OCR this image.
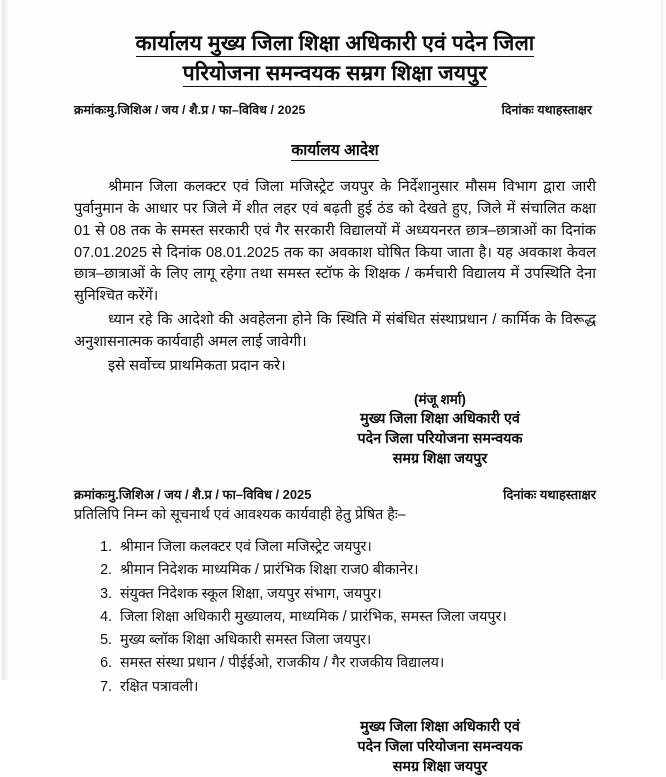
कार्यालय मुख्य जिला शिक्षा अधिकारी एवं पदेन जिला
परियोजना समन्वयक सम्रग शिक्षा जयपुर
क्रमांकःमु.जिशिअ / जय / शै.प्र / फा–विविध / 2025	दिनांकः यथाहस्ताक्षर
कार्यालय आदेश

श्रीमान जिला कलक्टर एवं जिला मजिस्ट्रेट जयपुर के निर्देशानुसार मौसम विभाग द्वारा जारी पुर्वानुमान के आधार पर जिले में शीत लहर एवं बढ़ती हुई ठंड को देखते हुए, जिले में संचालित कक्षा 01 से 08 तक के समस्त सरकारी एवं गैर सरकारी विद्यालयों में अध्ययनरत छात्र–छात्राओं का दिनांक 07.01.2025 से दिनांक 08.01.2025 तक का अवकाश घोषित किया जाता है। यह अवकाश केवल छात्र–छात्राओं के लिए लागू रहेगा तथा समस्त स्टॉफ के शिक्षक / कर्मचारी विद्यालय में उपस्थिति देना सुनिश्चित करेंगें।

ध्यान रहे कि आदेशो की अवहेलना होने कि स्थिति में संबंधित संस्थाप्रधान / कार्मिक के विरूद्ध अनुशासनात्मक कार्यवाही अमल लाई जावेगी।

इसे सर्वोच्च प्राथमिकता प्रदान करे।

(मंजू शर्मा)
मुख्य जिला शिक्षा अधिकारी एवं
पदेन जिला परियोजना समन्वयक
समग्र शिक्षा जयपुर
क्रमांकःमु.जिशिअ / जय / शै.प्र / फा–विविध / 2025	दिनांकः यथाहस्ताक्षर
प्रतिलिपि निम्न को सूचनार्थ एवं आवश्यक कार्यवाही हेतु प्रेषित हैः–
1. श्रीमान जिला कलक्टर एवं जिला मजिस्ट्रेट जयपुर।
2. श्रीमान निदेशक माध्यमिक / प्रारंभिक शिक्षा राज0 बीकानेर।
3. संयुक्त निदेशक स्कूल शिक्षा, जयपुर संभाग, जयपुर।
4. जिला शिक्षा अधिकारी मुख्यालय, माध्यमिक / प्रारंभिक, समस्त जिला जयपुर।
5. मुख्य ब्लॉक शिक्षा अधिकारी समस्त जिला जयपुर।
6. समस्त संस्था प्रधान / पीईईओ, राजकीय / गैर राजकीय विद्यालय।
7. रक्षित पत्रावली।
मुख्य जिला शिक्षा अधिकारी एवं
पदेन जिला परियोजना समन्वयक
समग्र शिक्षा जयपुर
